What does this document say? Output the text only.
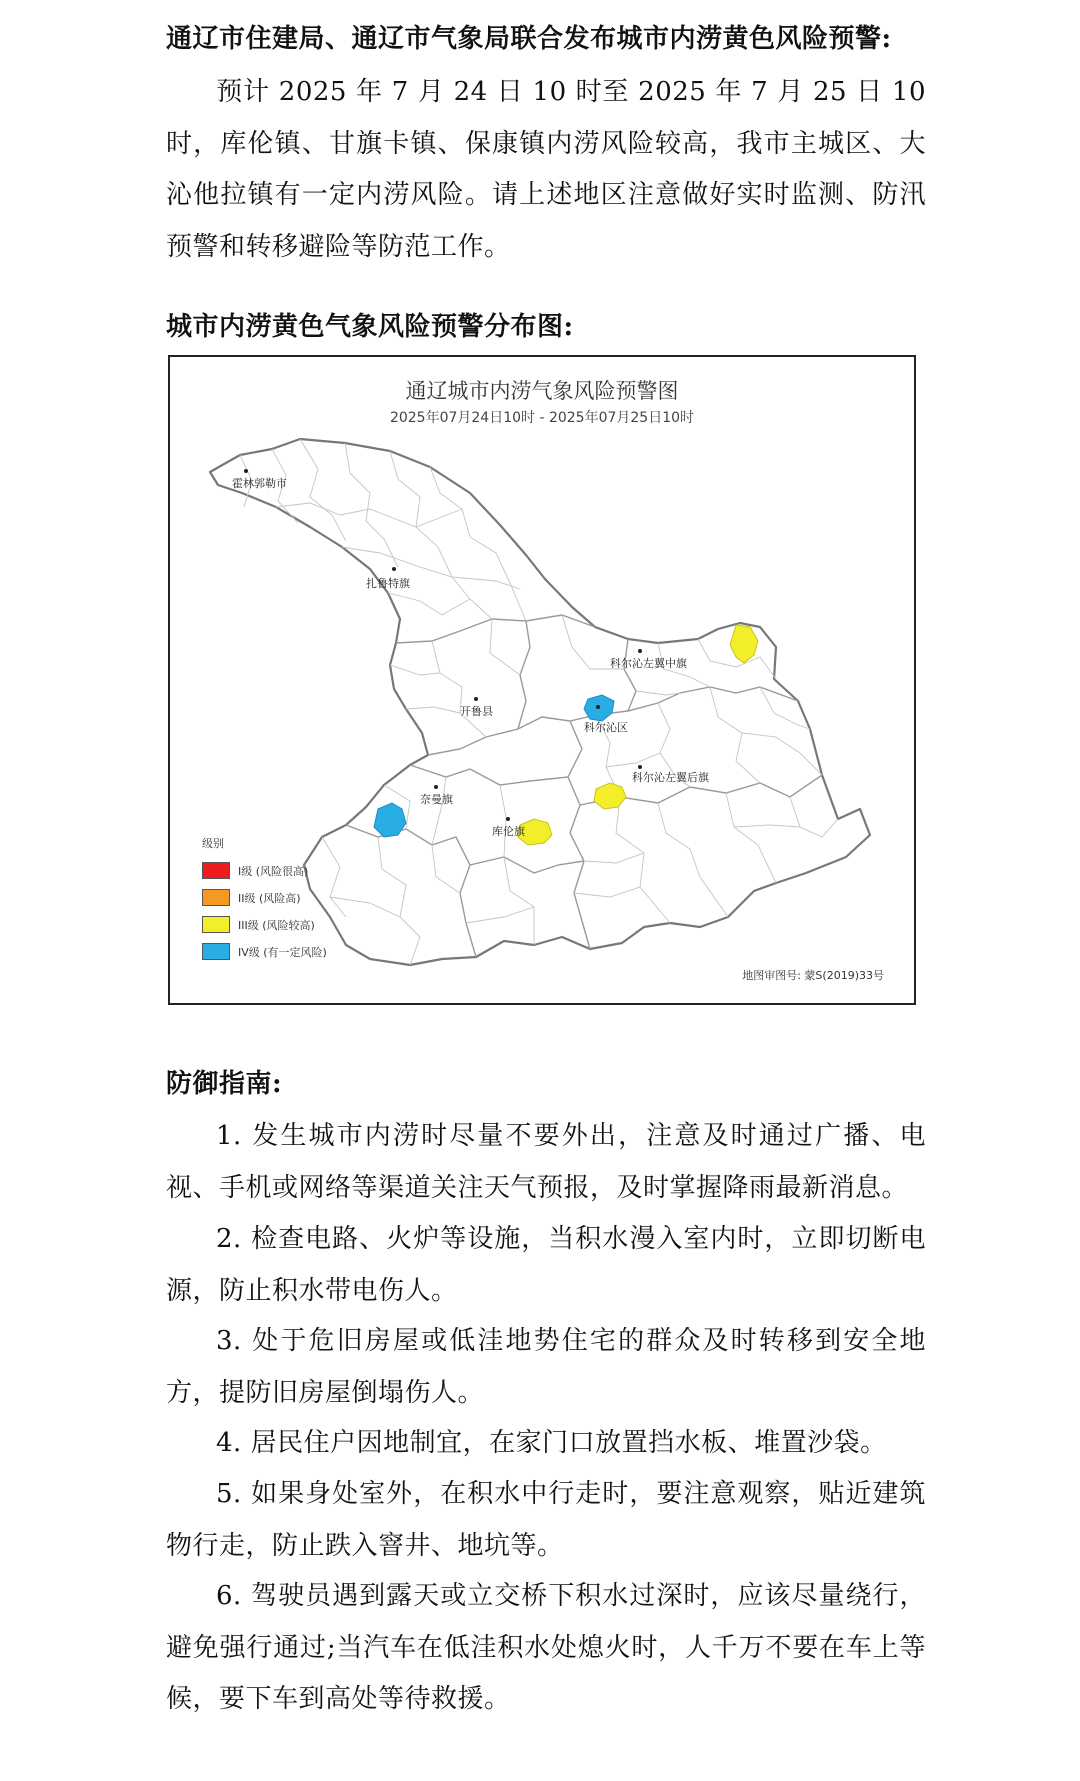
通辽市住建局、通辽市气象局联合发布城市内涝黄色风险预警:
预计 2025 年 7 月 24 日 10 时至 2025 年 7 月 25 日 10 时，库伦镇、甘旗卡镇、保康镇内涝风险较高，我市主城区、大沁他拉镇有一定内涝风险。请上述地区注意做好实时监测、防汛预警和转移避险等防范工作。
城市内涝黄色气象风险预警分布图:
通辽城市内涝气象风险预警图
2025年07月24日10时 - 2025年07月25日10时
霍林郭勒市
扎鲁特旗
科尔沁左翼中旗
开鲁县
科尔沁区
科尔沁左翼后旗
奈曼旗
库伦旗
级别
I级 (风险很高)
II级 (风险高)
III级 (风险较高)
IV级 (有一定风险)
地图审图号: 蒙S(2019)33号
防御指南:
1. 发生城市内涝时尽量不要外出，注意及时通过广播、电视、手机或网络等渠道关注天气预报，及时掌握降雨最新消息。
2. 检查电路、火炉等设施，当积水漫入室内时，立即切断电源，防止积水带电伤人。
3. 处于危旧房屋或低洼地势住宅的群众及时转移到安全地方，提防旧房屋倒塌伤人。
4. 居民住户因地制宜，在家门口放置挡水板、堆置沙袋。
5. 如果身处室外，在积水中行走时，要注意观察，贴近建筑物行走，防止跌入窨井、地坑等。
6. 驾驶员遇到露天或立交桥下积水过深时，应该尽量绕行，避免强行通过;当汽车在低洼积水处熄火时，人千万不要在车上等候，要下车到高处等待救援。
